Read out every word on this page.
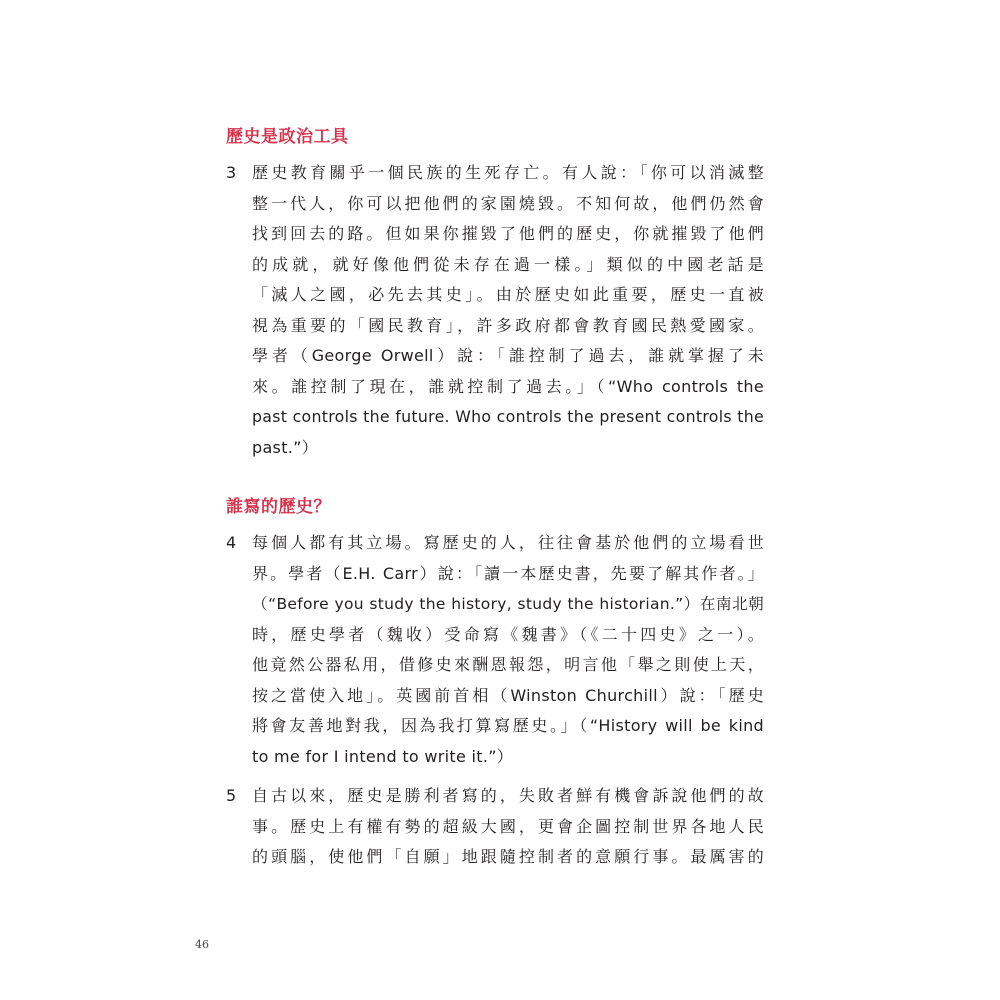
歷史是政治工具
3 歷史教育關乎一個民族的生死存亡。有人說：「你可以消滅整
整一代人，你可以把他們的家園燒毀。不知何故，他們仍然會
找到回去的路。但如果你摧毀了他們的歷史，你就摧毀了他們
的成就，就好像他們從未存在過一樣。」類似的中國老話是
「滅人之國，必先去其史」。由於歷史如此重要，歷史一直被
視為重要的「國民教育」，許多政府都會教育國民熱愛國家。
學者（George Orwell）說：「誰控制了過去，誰就掌握了未
來。誰控制了現在，誰就控制了過去。」（“Who controls the
past controls the future. Who controls the present controls the
past.”）
誰寫的歷史？
4 每個人都有其立場。寫歷史的人，往往會基於他們的立場看世
界。學者（E.H. Carr）說：「讀一本歷史書，先要了解其作者。」
（“Before you study the history, study the historian.”）在南北朝
時，歷史學者（魏收）受命寫《魏書》（《二十四史》之一）。
他竟然公器私用，借修史來酬恩報怨，明言他「舉之則使上天，
按之當使入地」。英國前首相（Winston Churchill）說：「歷史
將會友善地對我，因為我打算寫歷史。」（“History will be kind
to me for I intend to write it.”）
5 自古以來，歷史是勝利者寫的，失敗者鮮有機會訴說他們的故
事。歷史上有權有勢的超級大國，更會企圖控制世界各地人民
的頭腦，使他們「自願」地跟隨控制者的意願行事。最厲害的
46
